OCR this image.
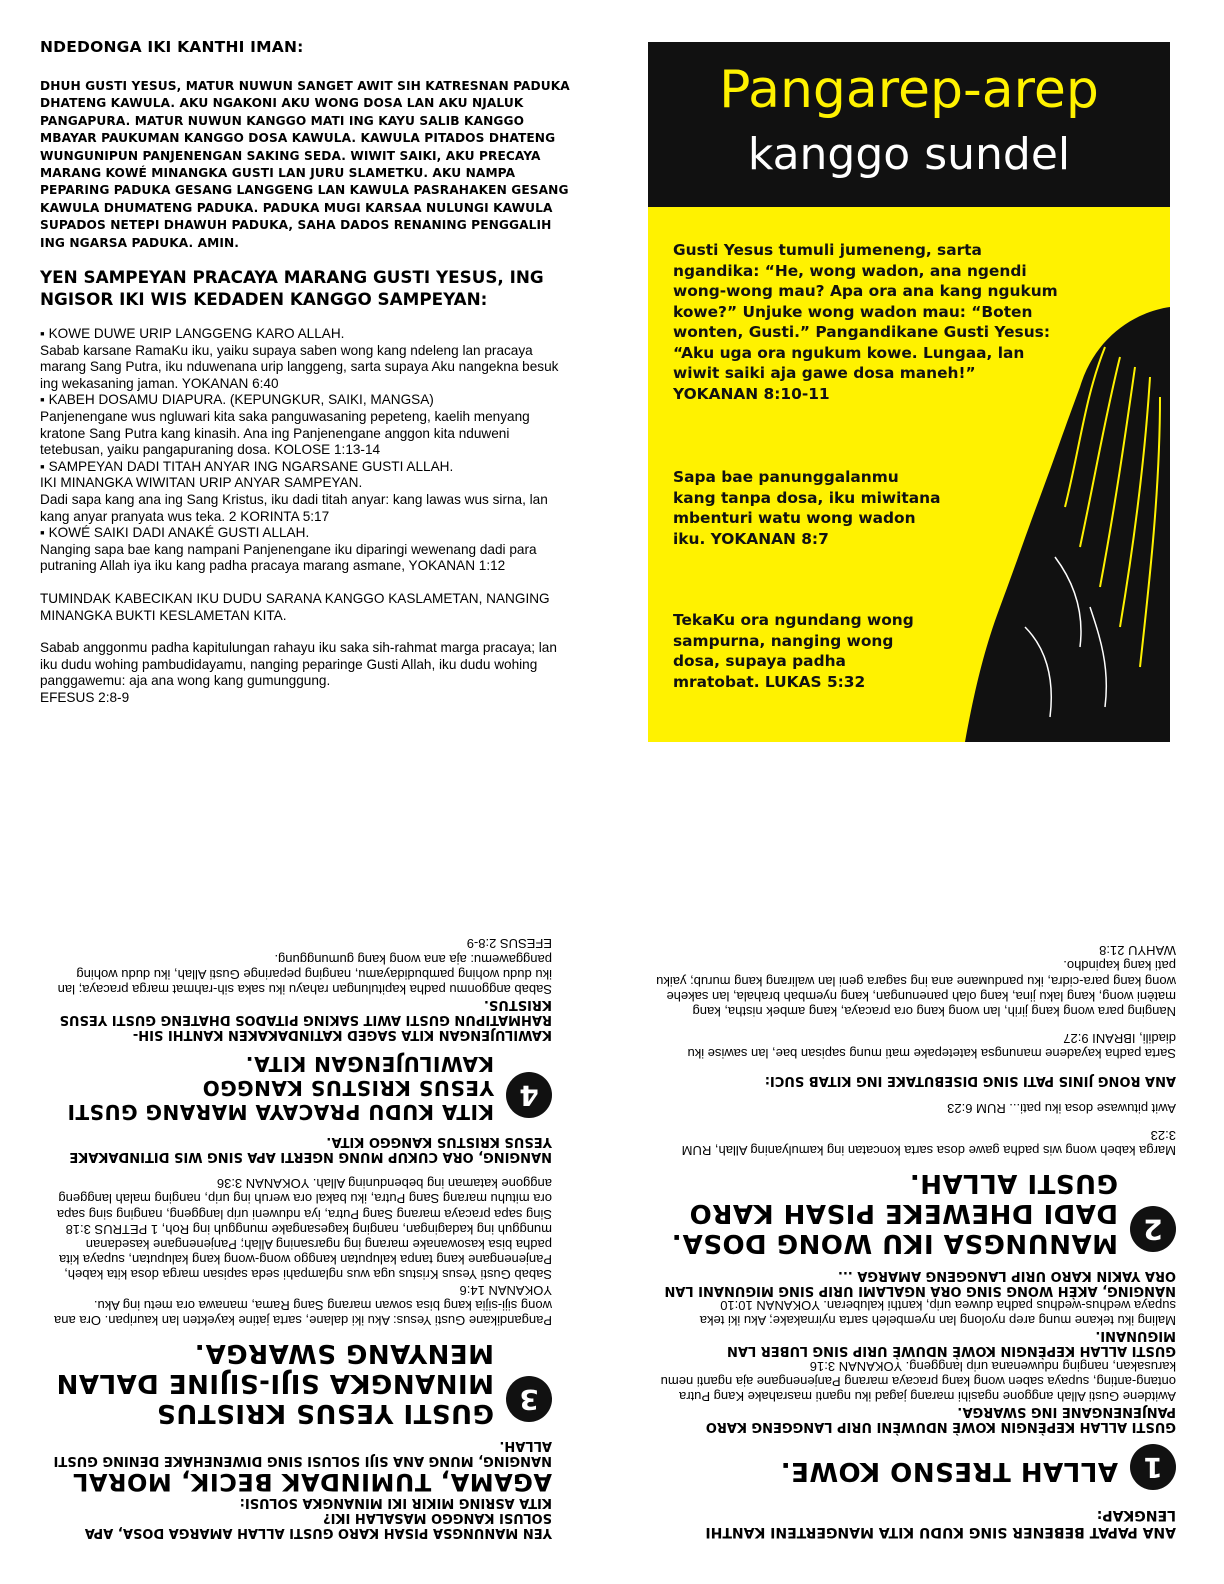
NDEDONGA IKI KANTHI IMAN:
DHUH GUSTI YESUS, MATUR NUWUN SANGET AWIT SIH KATRESNAN PADUKA DHATENG KAWULA. AKU NGAKONI AKU WONG DOSA LAN AKU NJALUK PANGAPURA. MATUR NUWUN KANGGO MATI ING KAYU SALIB KANGGO MBAYAR PAUKUMAN KANGGO DOSA KAWULA. KAWULA PITADOS DHATENG WUNGUNIPUN PANJENENGAN SAKING SEDA. WIWIT SAIKI, AKU PRECAYA MARANG KOWÉ MINANGKA GUSTI LAN JURU SLAMETKU. AKU NAMPA PEPARING PADUKA GESANG LANGGENG LAN KAWULA PASRAHAKEN GESANG KAWULA DHUMATENG PADUKA. PADUKA MUGI KARSAA NULUNGI KAWULA SUPADOS NETEPI DHAWUH PADUKA, SAHA DADOS RENANING PENGGALIH ING NGARSA PADUKA. AMIN.
YEN SAMPEYAN PRACAYA MARANG GUSTI YESUS, ING NGISOR IKI WIS KEDADEN KANGGO SAMPEYAN:

▪ KOWE DUWE URIP LANGGENG KARO ALLAH.

Sabab karsane RamaKu iku, yaiku supaya saben wong kang ndeleng lan pracaya marang Sang Putra, iku nduwenana urip langgeng, sarta supaya Aku nangekna besuk ing wekasaning jaman. YOKANAN 6:40

▪ KABEH DOSAMU DIAPURA. (KEPUNGKUR, SAIKI, MANGSA)

Panjenengane wus ngluwari kita saka panguwasaning pepeteng, kaelih menyang kratone Sang Putra kang kinasih. Ana ing Panjenengane anggon kita nduweni tetebusan, yaiku pangapuraning dosa. KOLOSE 1:13-14

▪ SAMPEYAN DADI TITAH ANYAR ING NGARSANE GUSTI ALLAH.

IKI MINANGKA WIWITAN URIP ANYAR SAMPEYAN.

Dadi sapa kang ana ing Sang Kristus, iku dadi titah anyar: kang lawas wus sirna, lan kang anyar pranyata wus teka. 2 KORINTA 5:17

▪ KOWÉ SAIKI DADI ANAKÉ GUSTI ALLAH.

Nanging sapa bae kang nampani Panjenengane iku diparingi wewenang dadi para putraning Allah iya iku kang padha pracaya marang asmane, YOKANAN 1:12

TUMINDAK KABECIKAN IKU DUDU SARANA KANGGO KASLAMETAN, NANGING MINANGKA BUKTI KESLAMETAN KITA.

Sabab anggonmu padha kapitulungan rahayu iku saka sih-rahmat marga pracaya; lan iku dudu wohing pambudidayamu, nanging peparinge Gusti Allah, iku dudu wohing panggawemu: aja ana wong kang gumunggung.

EFESUS 2:8-9

Pangarep-arep
kanggo sundel
Gusti Yesus tumuli jumeneng, sarta ngandika: “He, wong wadon, ana ngendi wong-wong mau? Apa ora ana kang ngukum kowe?” Unjuke wong wadon mau: “Boten wonten, Gusti.” Pangandikane Gusti Yesus: “Aku uga ora ngukum kowe. Lungaa, lan wiwit saiki aja gawe dosa maneh!” YOKANAN 8:10-11
Sapa bae panunggalanmu kang tanpa dosa, iku miwitana mbenturi watu wong wadon iku. YOKANAN 8:7
TekaKu ora ngundang wong sampurna, nanging wong dosa, supaya padha mratobat. LUKAS 5:32

ANA PAPAT BEBENER SING KUDU KITA MANGERTENI KANTHI LENGKAP:

1
ALLAH TRESNO KOWE.

GUSTI ALLAH KEPÈNGIN KOWÈ NDUWÈNI URIP LANGGENG KARO PANJENENGANE ING SWARGA.

Awitdene Gusti Allah anggone ngasihi marang jagad iku nganti masrahake Kang Putra ontang-anting, supaya saben wong kang pracaya marang Panjenengane aja nganti nemu karusakan, nanging nduwenana urip langgeng. YOKANAN 3:16

GUSTI ALLAH KEPÈNGIN KOWÈ NDUWÈ URIP SING LUBER LAN MIGUNANI.

Maling iku tekane mung arep nyolong lan nyembeleh sarta nyirnakake; Aku iki teka supaya wedhus-wedhus padha duwea urip, kanthi kaluberan. YOKANAN 10:10

NANGING, AKÈH WONG SING ORA NGALAMI URIP SING MIGUNANI LAN ORA YAKIN KARO URIP LANGGENG AMARGA ...

2
MANUNGSA IKU WONG DOSA. DADI DHEWEKE PISAH KARO GUSTI ALLAH.

Marga kabeh wong wis padha gawe dosa sarta koncatan ing kamulyaning Allah, RUM 3:23

Awit pituwase dosa iku pati... RUM 6:23

ANA RONG JINIS PATI SING DISEBUTAKE ING KITAB SUCI:

Sarta padha kayadene manungsa katetepake mati mung sapisan bae, lan sawise iku diadili, IBRANI 9:27

Nanging para wong kang jirih, lan wong kang ora pracaya, kang ambek nistha, kang matèni wong, kang laku jina, kang olah panenungan, kang nyembah brahala, lan sakehe wong kang para-cidra, iku panduмane ana ing sagara geni lan walirang kang murub; yaiku pati kang kapindho.

WAHYU 21:8

YEN MANUNGSA PISAH KARO GUSTI ALLAH AMARGA DOSA, APA SOLUSI KANGGO MASALAH IKI?

KITA ASRING MIKIR IKI MINANGKA SOLUSI:

AGAMA, TUMINDAK BECIK, MORAL

NANGING, MUNG ANA SIJI SOLUSI SING DIWENEHAKE DENING GUSTI ALLAH.

3
GUSTI YESUS KRISTUS MINANGKA SIJI-SIJINE DALAN MENYANG SWARGA.

Pangandikane Gusti Yesus: Aku iki dalane, sarta jatine kayekten lan kauripan. Ora ana wong siji-sijia kang bisa sowan marang Sang Rama, manawa ora metu ing Aku. YOKANAN 14:6

Sabab Gusti Yesus Kristus uga wus nglampahi seda sapisan marga dosa kita kabeh, Panjenengane kang tanpa kaluputan kanggo wong-wong kang kaluputan, supaya kita padha bisa kasowanake marang ing ngarsaning Allah; Panjenengane kasedanan mungguh ing kadagingan, nanging kagesangake mungguh ing Roh, 1 PETRUS 3:18

Sing sapa pracaya marang Sang Putra, iya nduweni urip langgeng, nanging sing sapa ora mituhu marang Sang Putra, iku bakal ora weruh ing urip, nanging malah langgeng anggone kataman ing bebenduning Allah. YOKANAN 3:36

NANGING, ORA CUKUP MUNG NGERTI APA SING WIS DITINDAKAKE YESUS KRISTUS KANGGO KITA.

4
KITA KUDU PRACAYA MARANG GUSTI YESUS KRISTUS KANGGO KAWILUJENGAN KITA.

KAWILUJENGAN KITA SAGED KATINDAKAKEN KANTHI SIH-RAHMATIPUN GUSTI AWIT SAKING PITADOS DHATENG GUSTI YESUS KRISTUS.

Sabab anggonmu padha kapitulungan rahayu iku saka sih-rahmat marga pracaya; lan iku dudu wohing pambudidayamu, nanging peparinge Gusti Allah, iku dudu wohing panggawemu: aja ana wong kang gumunggung.

EFESUS 2:8-9
